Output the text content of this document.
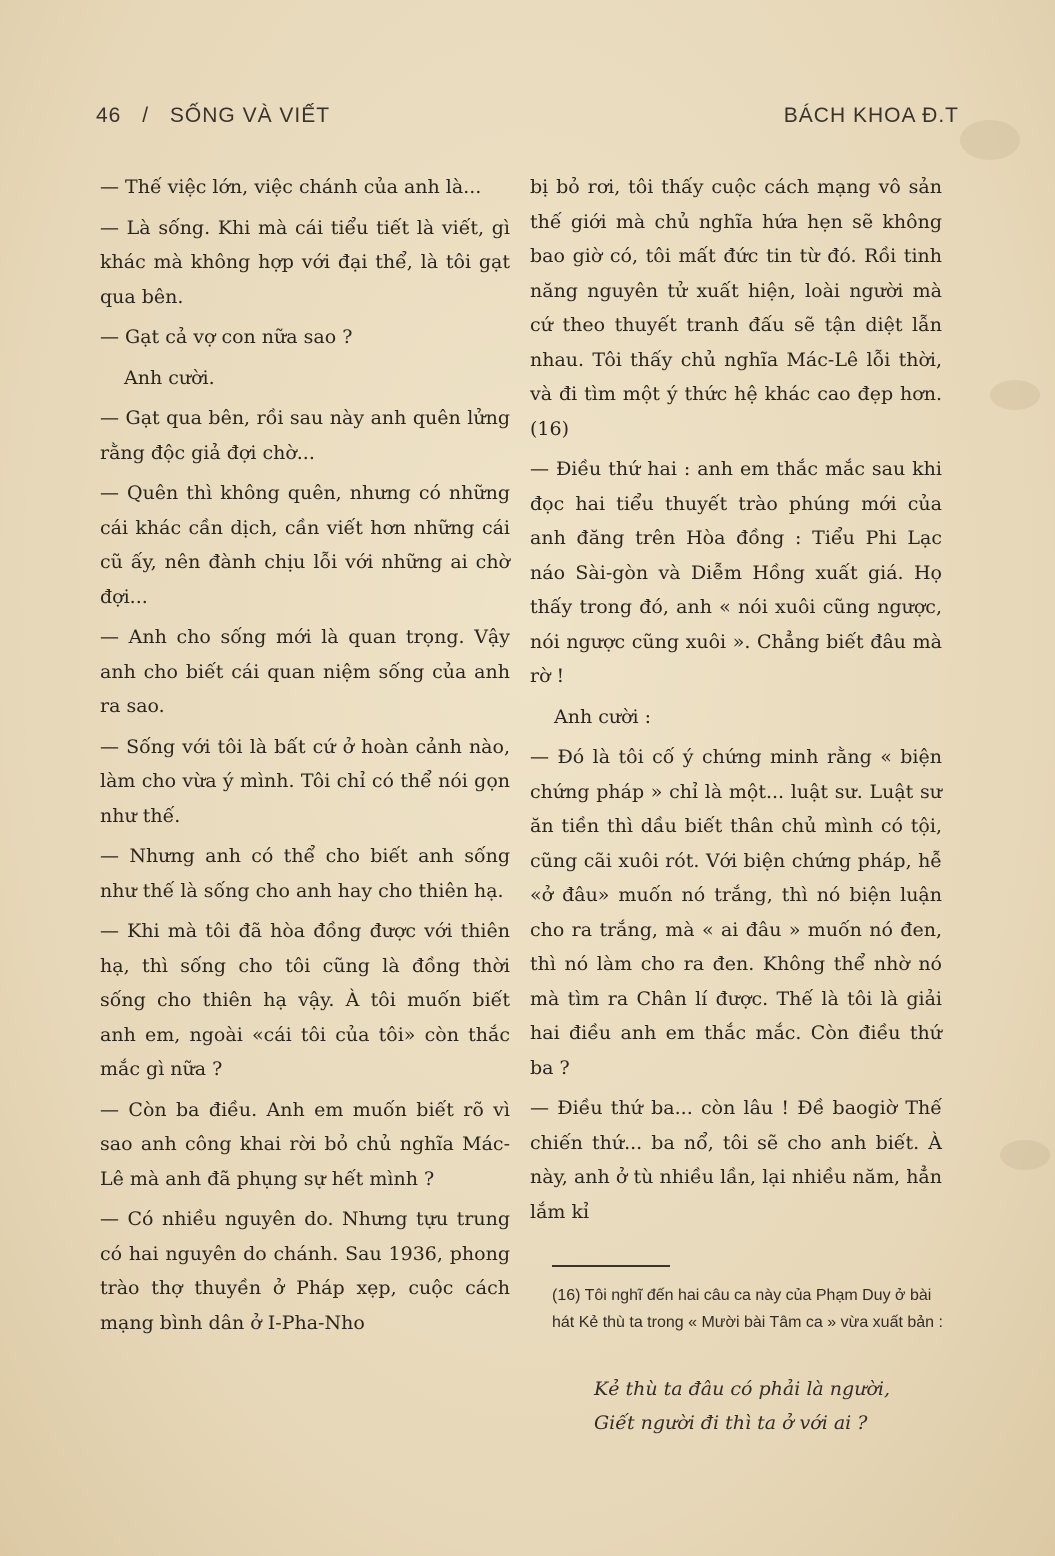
46 / SỐNG VÀ VIẾT	BÁCH KHOA Đ.T

— Thế việc lớn, việc chánh của anh là...

— Là sống. Khi mà cái tiểu tiết là viết, gì khác mà không hợp với đại thể, là tôi gạt qua bên.

— Gạt cả vợ con nữa sao ?

Anh cười.

— Gạt qua bên, rồi sau này anh quên lửng rằng độc giả đợi chờ...

— Quên thì không quên, nhưng có những cái khác cần dịch, cần viết hơn những cái cũ ấy, nên đành chịu lỗi với những ai chờ đợi...

— Anh cho sống mới là quan trọng. Vậy anh cho biết cái quan niệm sống của anh ra sao.

— Sống với tôi là bất cứ ở hoàn cảnh nào, làm cho vừa ý mình. Tôi chỉ có thể nói gọn như thế.

— Nhưng anh có thể cho biết anh sống như thế là sống cho anh hay cho thiên hạ.

— Khi mà tôi đã hòa đồng được với thiên hạ, thì sống cho tôi cũng là đồng thời sống cho thiên hạ vậy. À tôi muốn biết anh em, ngoài «cái tôi của tôi» còn thắc mắc gì nữa ?

— Còn ba điều. Anh em muốn biết rõ vì sao anh công khai rời bỏ chủ nghĩa Mác-Lê mà anh đã phụng sự hết mình ?

— Có nhiều nguyên do. Nhưng tựu trung có hai nguyên do chánh. Sau 1936, phong trào thợ thuyền ở Pháp xẹp, cuộc cách mạng bình dân ở I-Pha-Nho

bị bỏ rơi, tôi thấy cuộc cách mạng vô sản thế giới mà chủ nghĩa hứa hẹn sẽ không bao giờ có, tôi mất đức tin từ đó. Rồi tinh năng nguyên tử xuất hiện, loài người mà cứ theo thuyết tranh đấu sẽ tận diệt lẫn nhau. Tôi thấy chủ nghĩa Mác-Lê lỗi thời, và đi tìm một ý thức hệ khác cao đẹp hơn. (16)

— Điều thứ hai : anh em thắc mắc sau khi đọc hai tiểu thuyết trào phúng mới của anh đăng trên Hòa đồng : Tiểu Phi Lạc náo Sài-gòn và Diễm Hồng xuất giá. Họ thấy trong đó, anh « nói xuôi cũng ngược, nói ngược cũng xuôi ». Chẳng biết đâu mà rờ !

Anh cười :

— Đó là tôi cố ý chứng minh rằng « biện chứng pháp » chỉ là một... luật sư. Luật sư ăn tiền thì dầu biết thân chủ mình có tội, cũng cãi xuôi rót. Với biện chứng pháp, hễ «ở đâu» muốn nó trắng, thì nó biện luận cho ra trắng, mà « ai đâu » muốn nó đen, thì nó làm cho ra đen. Không thể nhờ nó mà tìm ra Chân lí được. Thế là tôi là giải hai điều anh em thắc mắc. Còn điều thứ ba ?

— Điều thứ ba... còn lâu ! Đề baogiờ Thế chiến thứ... ba nổ, tôi sẽ cho anh biết. À này, anh ở tù nhiều lần, lại nhiều năm, hẳn lắm kỉ

(16) Tôi nghĩ đến hai câu ca này của Phạm Duy ở bài hát Kẻ thù ta trong « Mười bài Tâm ca » vừa xuất bản :
Kẻ thù ta đâu có phải là người,
Giết người đi thì ta ở với ai ?
